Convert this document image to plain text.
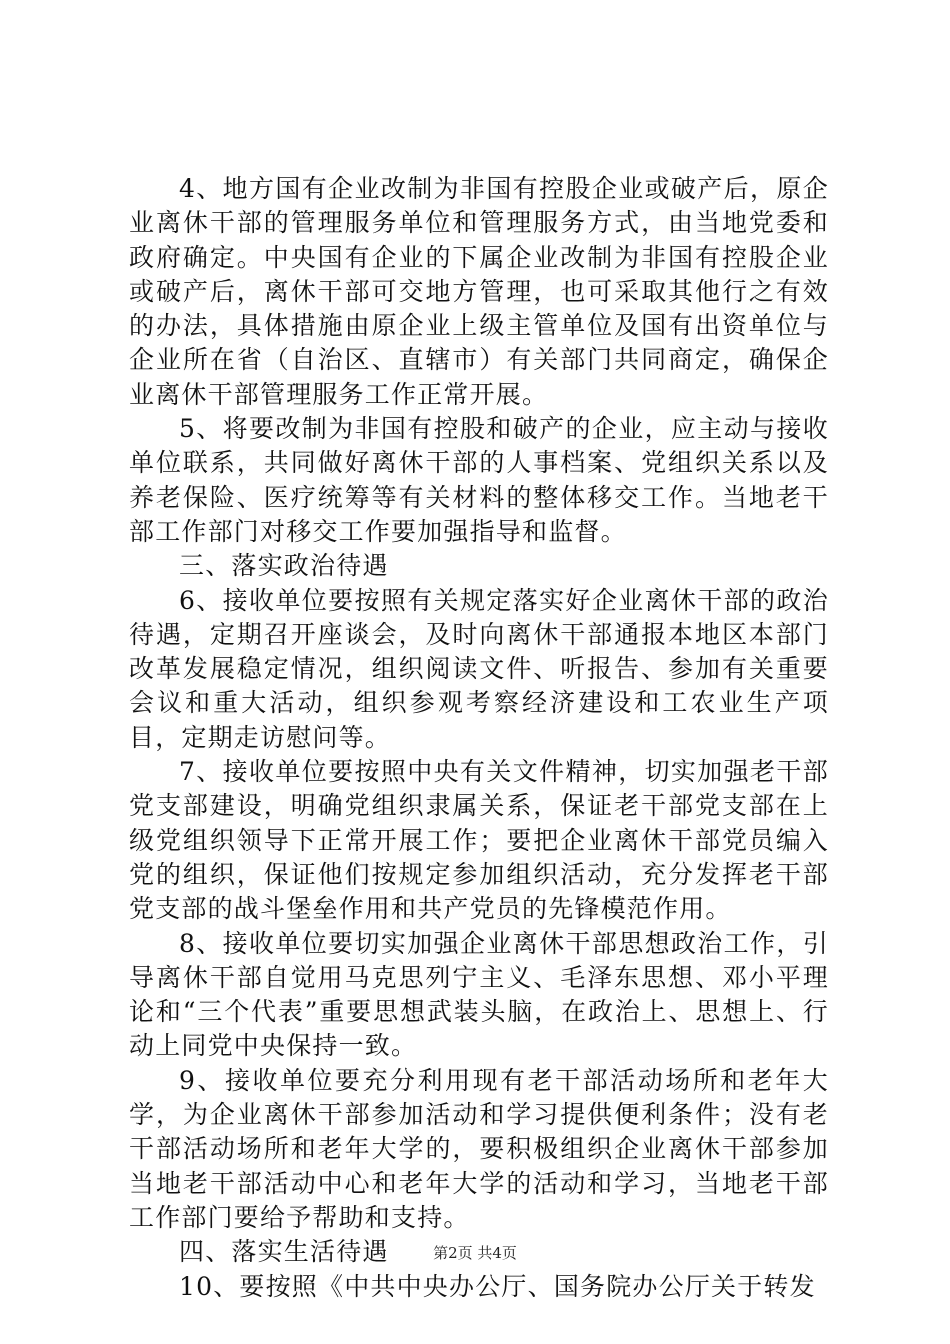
4、地方国有企业改制为非国有控股企业或破产后，原企业离休干部的管理服务单位和管理服务方式，由当地党委和政府确定。中央国有企业的下属企业改制为非国有控股企业或破产后，离休干部可交地方管理，也可采取其他行之有效的办法，具体措施由原企业上级主管单位及国有出资单位与企业所在省（自治区、直辖市）有关部门共同商定，确保企业离休干部管理服务工作正常开展。

5、将要改制为非国有控股和破产的企业，应主动与接收单位联系，共同做好离休干部的人事档案、党组织关系以及养老保险、医疗统筹等有关材料的整体移交工作。当地老干部工作部门对移交工作要加强指导和监督。

三、落实政治待遇

6、接收单位要按照有关规定落实好企业离休干部的政治待遇，定期召开座谈会，及时向离休干部通报本地区本部门改革发展稳定情况，组织阅读文件、听报告、参加有关重要会议和重大活动，组织参观考察经济建设和工农业生产项目，定期走访慰问等。

7、接收单位要按照中央有关文件精神，切实加强老干部党支部建设，明确党组织隶属关系，保证老干部党支部在上级党组织领导下正常开展工作；要把企业离休干部党员编入党的组织，保证他们按规定参加组织活动，充分发挥老干部党支部的战斗堡垒作用和共产党员的先锋模范作用。

8、接收单位要切实加强企业离休干部思想政治工作，引导离休干部自觉用马克思列宁主义、毛泽东思想、邓小平理论和“三个代表”重要思想武装头脑，在政治上、思想上、行动上同党中央保持一致。

9、接收单位要充分利用现有老干部活动场所和老年大学，为企业离休干部参加活动和学习提供便利条件；没有老干部活动场所和老年大学的，要积极组织企业离休干部参加当地老干部活动中心和老年大学的活动和学习，当地老干部工作部门要给予帮助和支持。

四、落实生活待遇

10、要按照《中共中央办公厅、国务院办公厅关于转发

第2页 共4页
